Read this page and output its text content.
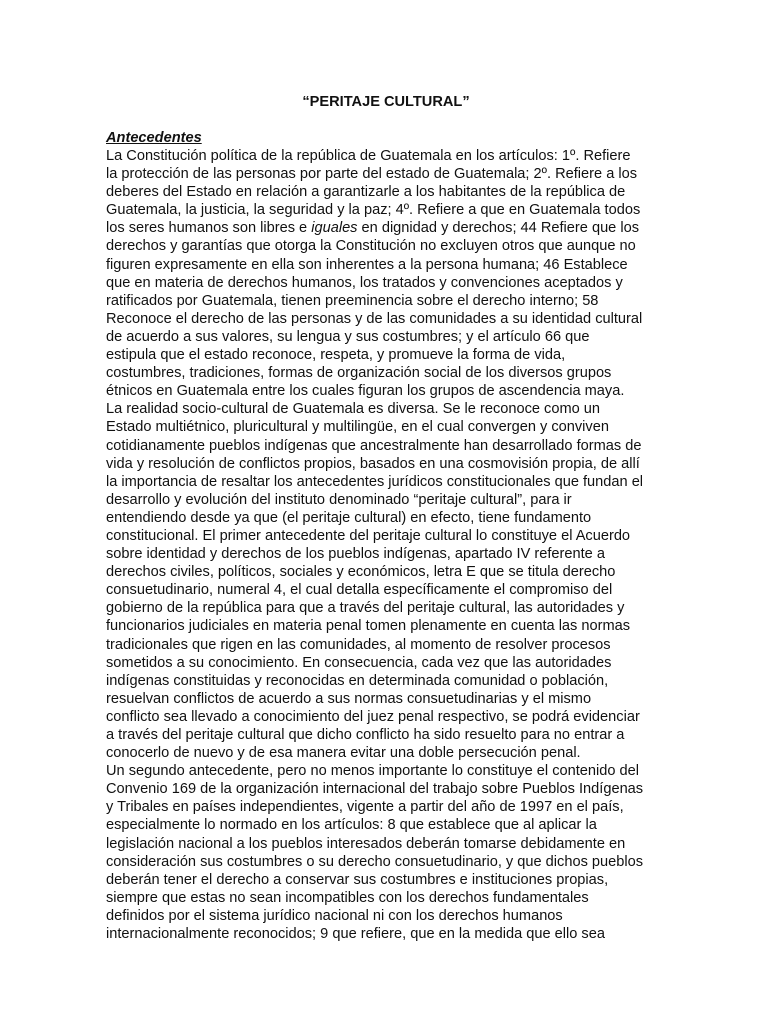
“PERITAJE CULTURAL”
Antecedentes
La Constitución política de la república de Guatemala en los artículos: 1º. Refiere
la protección de las personas por parte del estado de Guatemala; 2º. Refiere a los
deberes del Estado en relación a garantizarle a los habitantes de la república de
Guatemala, la justicia, la seguridad y la paz; 4º. Refiere a que en Guatemala todos
los seres humanos son libres e iguales en dignidad y derechos; 44 Refiere que los
derechos y garantías que otorga la Constitución no excluyen otros que aunque no
figuren expresamente en ella son inherentes a la persona humana; 46 Establece
que en materia de derechos humanos, los tratados y convenciones aceptados y
ratificados por Guatemala, tienen preeminencia sobre el derecho interno; 58
Reconoce el derecho de las personas y de las comunidades a su identidad cultural
de acuerdo a sus valores, su lengua y sus costumbres; y el artículo 66 que
estipula que el estado reconoce, respeta, y promueve la forma de vida,
costumbres, tradiciones, formas de organización social de los diversos grupos
étnicos en Guatemala entre los cuales figuran los grupos de ascendencia maya.
La realidad socio-cultural de Guatemala es diversa. Se le reconoce como un
Estado multiétnico, pluricultural y multilingüe, en el cual convergen y conviven
cotidianamente pueblos indígenas que ancestralmente han desarrollado formas de
vida y resolución de conflictos propios, basados en una cosmovisión propia, de allí
la importancia de resaltar los antecedentes jurídicos constitucionales que fundan el
desarrollo y evolución del instituto denominado “peritaje cultural”, para ir
entendiendo desde ya que (el peritaje cultural) en efecto, tiene fundamento
constitucional. El primer antecedente del peritaje cultural lo constituye el Acuerdo
sobre identidad y derechos de los pueblos indígenas, apartado IV referente a
derechos civiles, políticos, sociales y económicos, letra E que se titula derecho
consuetudinario, numeral 4, el cual detalla específicamente el compromiso del
gobierno de la república para que a través del peritaje cultural, las autoridades y
funcionarios judiciales en materia penal tomen plenamente en cuenta las normas
tradicionales que rigen en las comunidades, al momento de resolver procesos
sometidos a su conocimiento. En consecuencia, cada vez que las autoridades
indígenas constituidas y reconocidas en determinada comunidad o población,
resuelvan conflictos de acuerdo a sus normas consuetudinarias y el mismo
conflicto sea llevado a conocimiento del juez penal respectivo, se podrá evidenciar
a través del peritaje cultural que dicho conflicto ha sido resuelto para no entrar a
conocerlo de nuevo y de esa manera evitar una doble persecución penal.
Un segundo antecedente, pero no menos importante lo constituye el contenido del
Convenio 169 de la organización internacional del trabajo sobre Pueblos Indígenas
y Tribales en países independientes, vigente a partir del año de 1997 en el país,
especialmente lo normado en los artículos: 8 que establece que al aplicar la
legislación nacional a los pueblos interesados deberán tomarse debidamente en
consideración sus costumbres o su derecho consuetudinario, y que dichos pueblos
deberán tener el derecho a conservar sus costumbres e instituciones propias,
siempre que estas no sean incompatibles con los derechos fundamentales
definidos por el sistema jurídico nacional ni con los derechos humanos
internacionalmente reconocidos; 9 que refiere, que en la medida que ello sea
